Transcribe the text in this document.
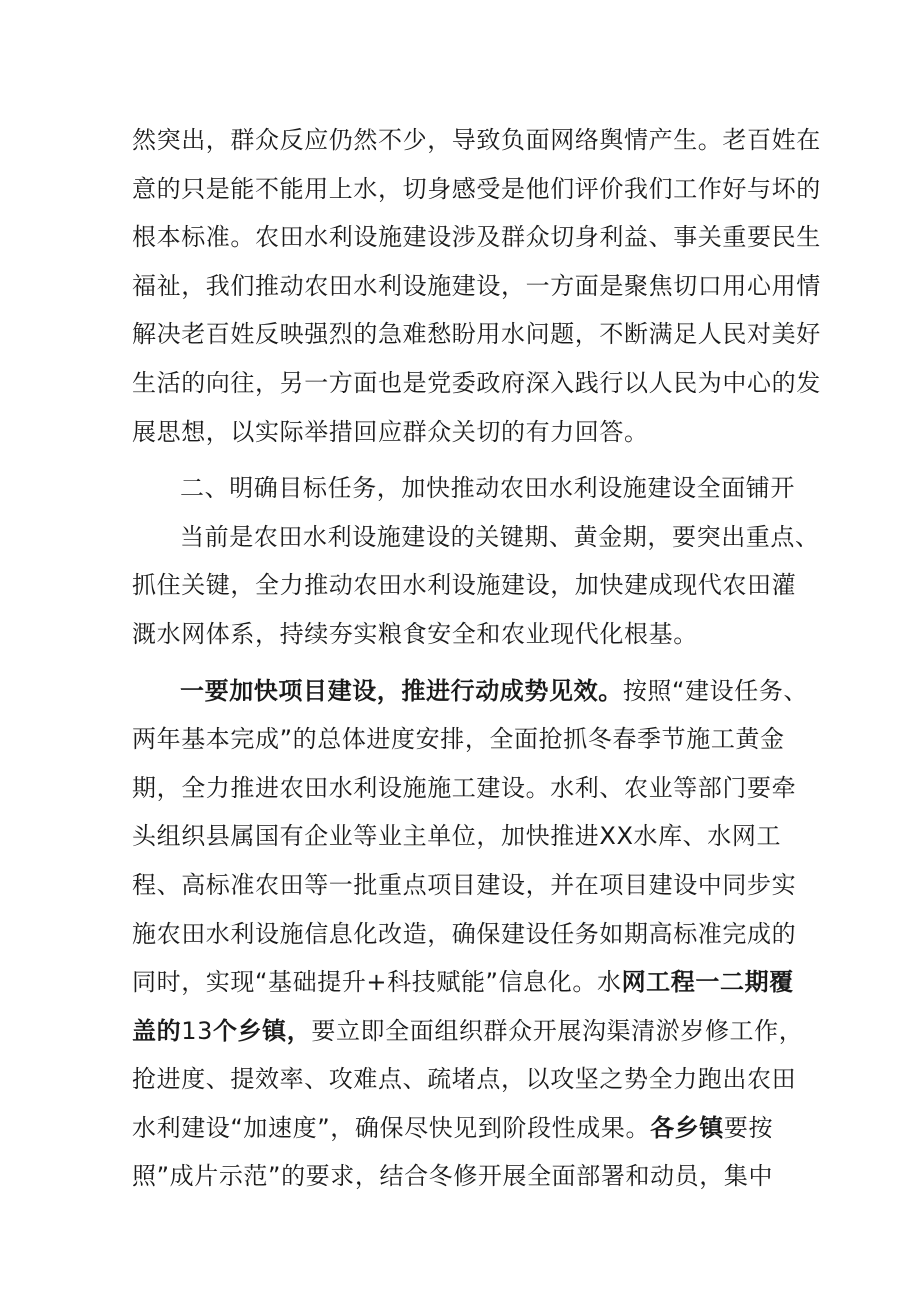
然突出，群众反应仍然不少，导致负面网络舆情产生。老百姓在
意的只是能不能用上水，切身感受是他们评价我们工作好与坏的
根本标准。农田水利设施建设涉及群众切身利益、事关重要民生
福祉，我们推动农田水利设施建设，一方面是聚焦切口用心用情
解决老百姓反映强烈的急难愁盼用水问题，不断满足人民对美好
生活的向往，另一方面也是党委政府深入践行以人民为中心的发
展思想，以实际举措回应群众关切的有力回答。
二、明确目标任务，加快推动农田水利设施建设全面铺开
当前是农田水利设施建设的关键期、黄金期，要突出重点、
抓住关键，全力推动农田水利设施建设，加快建成现代农田灌
溉水网体系，持续夯实粮食安全和农业现代化根基。
一要加快项目建设，推进行动成势见效。按照“建设任务、
两年基本完成”的总体进度安排，全面抢抓冬春季节施工黄金
期，全力推进农田水利设施施工建设。水利、农业等部门要牵
头组织县属国有企业等业主单位，加快推进XX水库、水网工
程、高标准农田等一批重点项目建设，并在项目建设中同步实
施农田水利设施信息化改造，确保建设任务如期高标准完成的
同时，实现“基础提升+科技赋能”信息化。水网工程一二期覆
盖的13个乡镇，要立即全面组织群众开展沟渠清淤岁修工作，
抢进度、提效率、攻难点、疏堵点，以攻坚之势全力跑出农田
水利建设“加速度”，确保尽快见到阶段性成果。各乡镇要按
照”成片示范”的要求，结合冬修开展全面部署和动员，集中
